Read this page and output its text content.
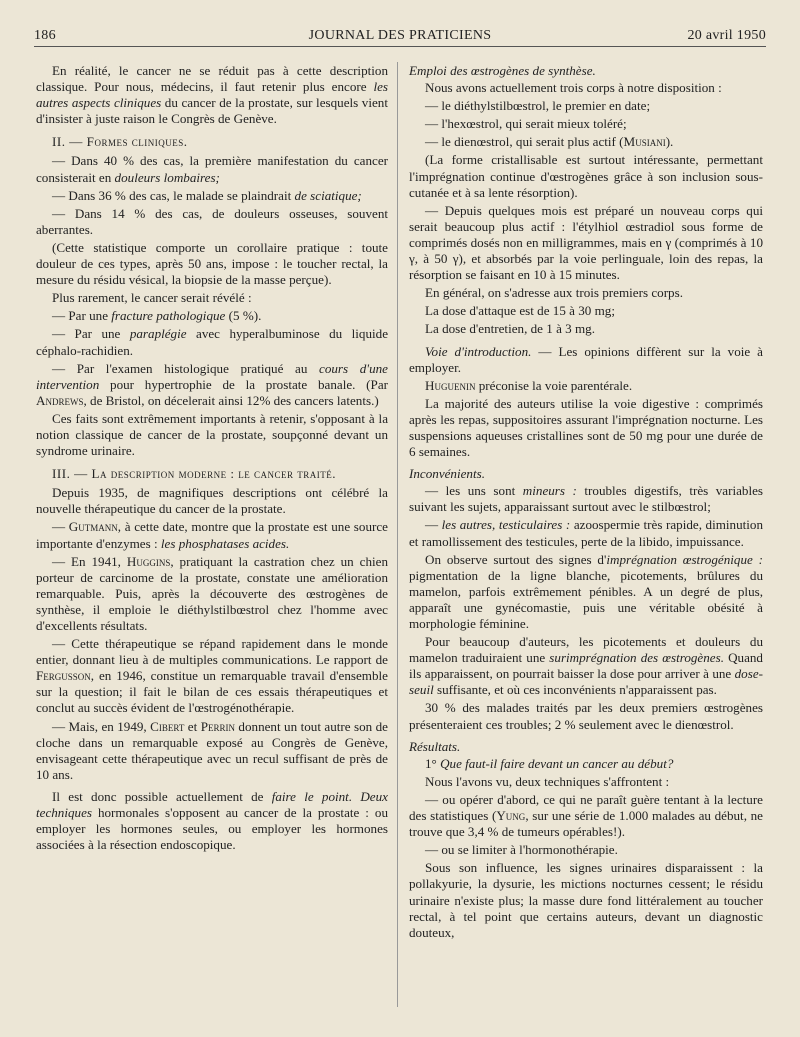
186	JOURNAL DES PRATICIENS	20 avril 1950

En réalité, le cancer ne se réduit pas à cette description classique. Pour nous, médecins, il faut retenir plus encore les autres aspects cliniques du cancer de la prostate, sur lesquels vient d'insister à juste raison le Congrès de Genève.

II. — Formes cliniques.

— Dans 40 % des cas, la première manifestation du cancer consisterait en douleurs lombaires;

— Dans 36 % des cas, le malade se plaindrait de sciatique;

— Dans 14 % des cas, de douleurs osseuses, souvent aberrantes.

(Cette statistique comporte un corollaire pratique : toute douleur de ces types, après 50 ans, impose : le toucher rectal, la mesure du résidu vésical, la biopsie de la masse perçue).

Plus rarement, le cancer serait révélé :

— Par une fracture pathologique (5 %).

— Par une paraplégie avec hyperalbuminose du liquide céphalo-rachidien.

— Par l'examen histologique pratiqué au cours d'une intervention pour hypertrophie de la prostate banale. (Par Andrews, de Bristol, on décelerait ainsi 12% des cancers latents.)

Ces faits sont extrêmement importants à retenir, s'opposant à la notion classique de cancer de la prostate, soupçonné devant un syndrome urinaire.

III. — La description moderne : le cancer traité.

Depuis 1935, de magnifiques descriptions ont célébré la nouvelle thérapeutique du cancer de la prostate.

— Gutmann, à cette date, montre que la prostate est une source importante d'enzymes : les phosphatases acides.

— En 1941, Huggins, pratiquant la castration chez un chien porteur de carcinome de la prostate, constate une amélioration remarquable. Puis, après la découverte des œstrogènes de synthèse, il emploie le diéthylstilbœstrol chez l'homme avec d'excellents résultats.

— Cette thérapeutique se répand rapidement dans le monde entier, donnant lieu à de multiples communications. Le rapport de Fergusson, en 1946, constitue un remarquable travail d'ensemble sur la question; il fait le bilan de ces essais thérapeutiques et conclut au succès évident de l'œstrogénothérapie.

— Mais, en 1949, Cibert et Perrin donnent un tout autre son de cloche dans un remarquable exposé au Congrès de Genève, envisageant cette thérapeutique avec un recul suffisant de près de 10 ans.

Il est donc possible actuellement de faire le point. Deux techniques hormonales s'opposent au cancer de la prostate : ou employer les hormones seules, ou employer les hormones associées à la résection endoscopique.

Emploi des œstrogènes de synthèse.

Nous avons actuellement trois corps à notre disposition :

— le diéthylstilbœstrol, le premier en date;

— l'hexœstrol, qui serait mieux toléré;

— le dienœstrol, qui serait plus actif (Musiani).

(La forme cristallisable est surtout intéressante, permettant l'imprégnation continue d'œstrogènes grâce à son inclusion sous-cutanée et à sa lente résorption).

— Depuis quelques mois est préparé un nouveau corps qui serait beaucoup plus actif : l'étylhiol œstradiol sous forme de comprimés dosés non en milligrammes, mais en γ (comprimés à 10 γ, à 50 γ), et absorbés par la voie perlinguale, loin des repas, la résorption se faisant en 10 à 15 minutes.

En général, on s'adresse aux trois premiers corps.

La dose d'attaque est de 15 à 30 mg;

La dose d'entretien, de 1 à 3 mg.

Voie d'introduction. — Les opinions diffèrent sur la voie à employer.

Huguenin préconise la voie parentérale.

La majorité des auteurs utilise la voie digestive : comprimés après les repas, suppositoires assurant l'imprégnation nocturne. Les suspensions aqueuses cristallines sont de 50 mg pour une durée de 6 semaines.

Inconvénients.

— les uns sont mineurs : troubles digestifs, très variables suivant les sujets, apparaissant surtout avec le stilbœstrol;

— les autres, testiculaires : azoospermie très rapide, diminution et ramollissement des testicules, perte de la libido, impuissance.

On observe surtout des signes d'imprégnation œstrogénique : pigmentation de la ligne blanche, picotements, brûlures du mamelon, parfois extrêmement pénibles. A un degré de plus, apparaît une gynécomastie, puis une véritable obésité à morphologie féminine.

Pour beaucoup d'auteurs, les picotements et douleurs du mamelon traduiraient une surimprégnation des œstrogènes. Quand ils apparaissent, on pourrait baisser la dose pour arriver à une dose-seuil suffisante, et où ces inconvénients n'apparaissent pas.

30 % des malades traités par les deux premiers œstrogènes présenteraient ces troubles; 2 % seulement avec le dienœstrol.

Résultats.

1° Que faut-il faire devant un cancer au début?

Nous l'avons vu, deux techniques s'affrontent :

— ou opérer d'abord, ce qui ne paraît guère tentant à la lecture des statistiques (Yung, sur une série de 1.000 malades au début, ne trouve que 3,4 % de tumeurs opérables!).

— ou se limiter à l'hormonothérapie.

Sous son influence, les signes urinaires disparaissent : la pollakyurie, la dysurie, les mictions nocturnes cessent; le résidu urinaire n'existe plus; la masse dure fond littéralement au toucher rectal, à tel point que certains auteurs, devant un diagnostic douteux,
